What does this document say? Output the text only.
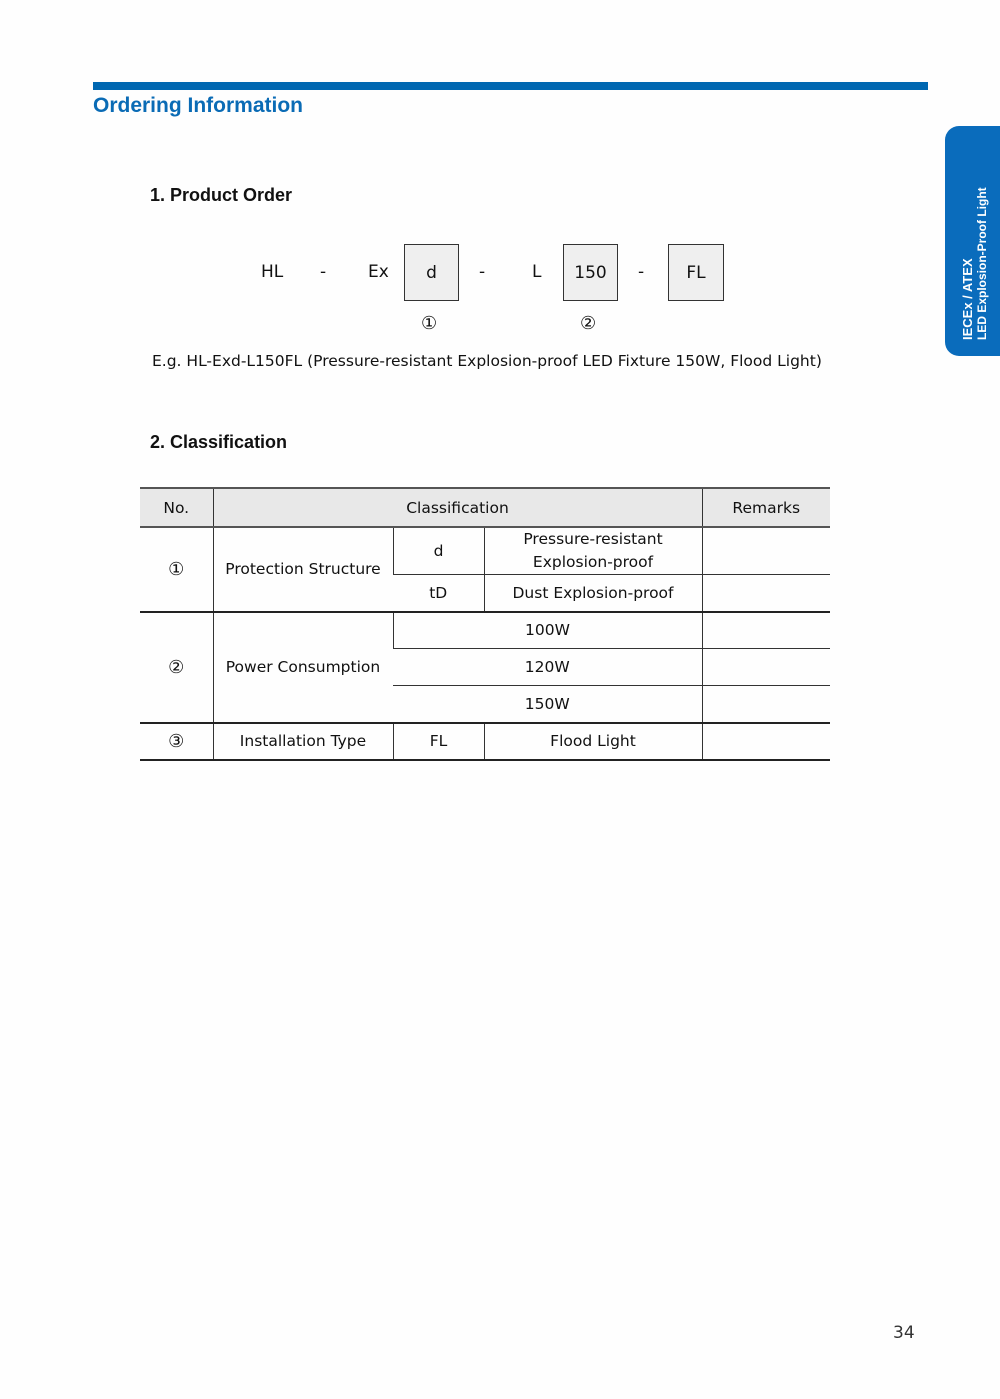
Ordering Information
IECEx / ATEX LED Explosion-Proof Light
1. Product Order
HL - Ex	d	-	L	150	-	FL
①	②
E.g. HL-Exd-L150FL (Pressure-resistant Explosion-proof LED Fixture 150W, Flood Light)
2. Classification
No.	Classification			Remarks
①	Protection Structure	d	Pressure-resistant Explosion-proof	
		tD	Dust Explosion-proof	
②	Power Consumption	100W		
		120W		
		150W		
③	Installation Type	FL	Flood Light	
34
